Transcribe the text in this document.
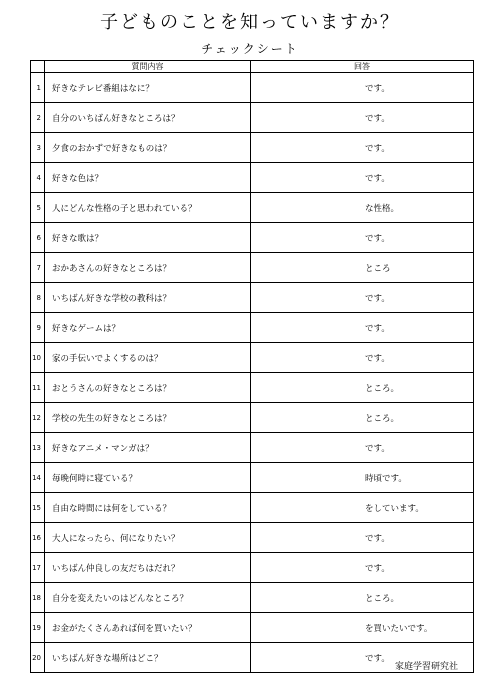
子どものことを知っていますか？
チェックシート
	質問内容	回答
1	好きなテレビ番組はなに？	です。
2	自分のいちばん好きなところは？	です。
3	夕食のおかずで好きなものは？	です。
4	好きな色は？	です。
5	人にどんな性格の子と思われている？	な性格。
6	好きな歌は？	です。
7	おかあさんの好きなところは？	ところ
8	いちばん好きな学校の教科は？	です。
9	好きなゲームは？	です。
10	家の手伝いでよくするのは？	です。
11	おとうさんの好きなところは？	ところ。
12	学校の先生の好きなところは？	ところ。
13	好きなアニメ・マンガは？	です。
14	毎晩何時に寝ている？	時頃です。
15	自由な時間には何をしている？	をしています。
16	大人になったら、何になりたい？	です。
17	いちばん仲良しの友だちはだれ？	です。
18	自分を変えたいのはどんなところ？	ところ。
19	お金がたくさんあれば何を買いたい？	を買いたいです。
20	いちばん好きな場所はどこ？	です。
家庭学習研究社
